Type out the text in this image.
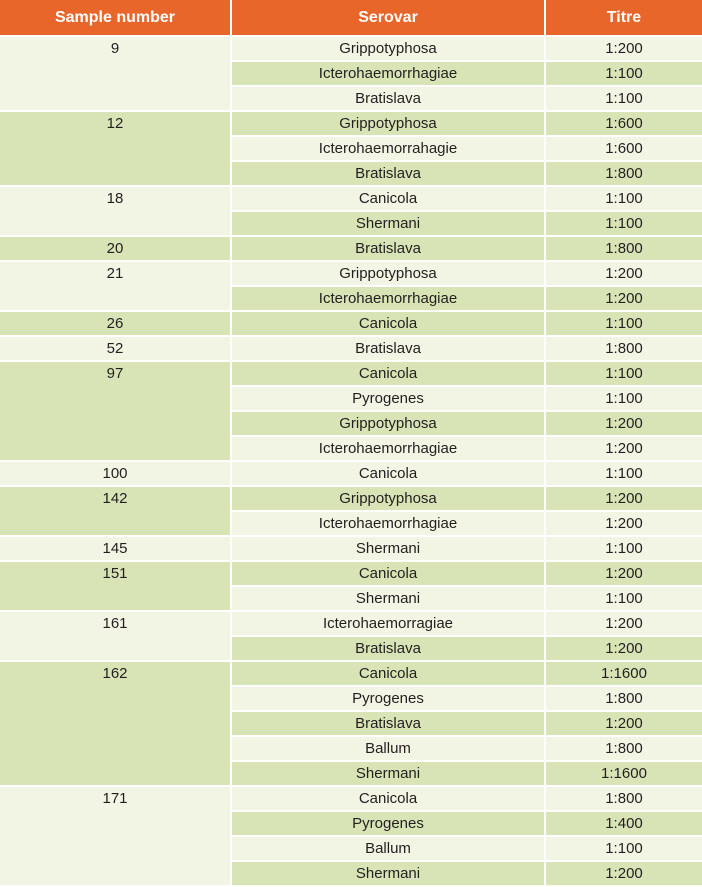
Sample number	Serovar	Titre
9	Grippotyphosa	1:200
	Icterohaemorrhagiae	1:100
	Bratislava	1:100
12	Grippotyphosa	1:600
	Icterohaemorrahagie	1:600
	Bratislava	1:800
18	Canicola	1:100
	Shermani	1:100
20	Bratislava	1:800
21	Grippotyphosa	1:200
	Icterohaemorrhagiae	1:200
26	Canicola	1:100
52	Bratislava	1:800
97	Canicola	1:100
	Pyrogenes	1:100
	Grippotyphosa	1:200
	Icterohaemorrhagiae	1:200
100	Canicola	1:100
142	Grippotyphosa	1:200
	Icterohaemorrhagiae	1:200
145	Shermani	1:100
151	Canicola	1:200
	Shermani	1:100
161	Icterohaemorragiae	1:200
	Bratislava	1:200
162	Canicola	1:1600
	Pyrogenes	1:800
	Bratislava	1:200
	Ballum	1:800
	Shermani	1:1600
171	Canicola	1:800
	Pyrogenes	1:400
	Ballum	1:100
	Shermani	1:200
